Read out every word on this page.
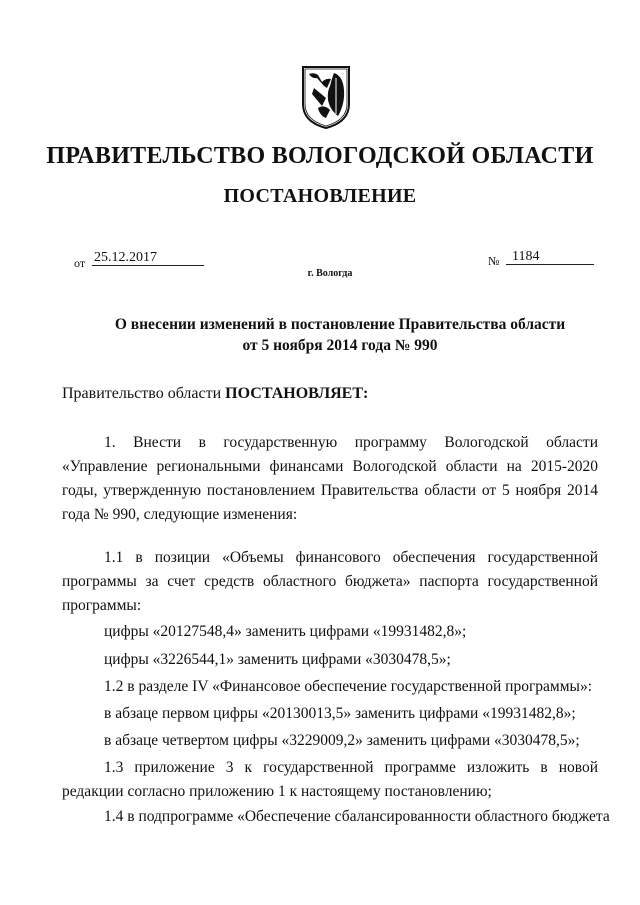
ПРАВИТЕЛЬСТВО ВОЛОГОДСКОЙ ОБЛАСТИ
ПОСТАНОВЛЕНИЕ
от 25.12.2017	№ 1184
г. Вологда
О внесении изменений в постановление Правительства области
от 5 ноября 2014 года № 990
Правительство области ПОСТАНОВЛЯЕТ:
1. Внести в государственную программу Вологодской области «Управление региональными финансами Вологодской области на 2015-2020 годы, утвержденную постановлением Правительства области от 5 ноября 2014 года № 990, следующие изменения:
1.1 в позиции «Объемы финансового обеспечения государственной программы за счет средств областного бюджета» паспорта государственной программы:
цифры «20127548,4» заменить цифрами «19931482,8»;
цифры «3226544,1» заменить цифрами «3030478,5»;
1.2 в разделе IV «Финансовое обеспечение государственной программы»:
в абзаце первом цифры «20130013,5» заменить цифрами «19931482,8»;
в абзаце четвертом цифры «3229009,2» заменить цифрами «3030478,5»;
1.3 приложение 3 к государственной программе изложить в новой редакции согласно приложению 1 к настоящему постановлению;
1.4 в подпрограмме «Обеспечение сбалансированности областного бюджета
